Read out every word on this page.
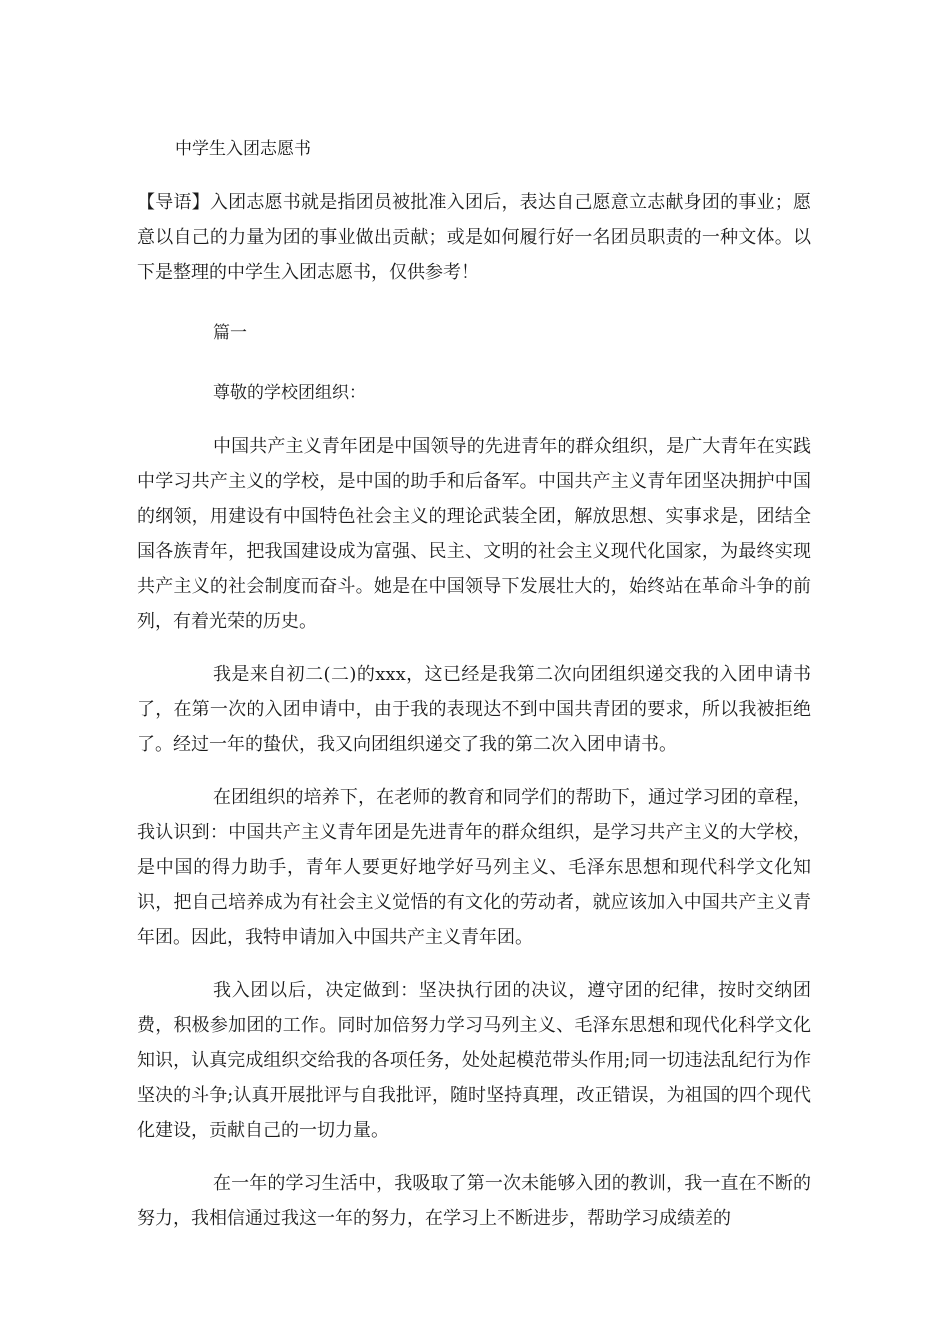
中学生入团志愿书

【导语】入团志愿书就是指团员被批准入团后，表达自己愿意立志献身团的事业；愿意以自己的力量为团的事业做出贡献；或是如何履行好一名团员职责的一种文体。以下是整理的中学生入团志愿书，仅供参考！

篇一

尊敬的学校团组织：

中国共产主义青年团是中国领导的先进青年的群众组织，是广大青年在实践中学习共产主义的学校，是中国的助手和后备军。中国共产主义青年团坚决拥护中国的纲领，用建设有中国特色社会主义的理论武装全团，解放思想、实事求是，团结全国各族青年，把我国建设成为富强、民主、文明的社会主义现代化国家，为最终实现共产主义的社会制度而奋斗。她是在中国领导下发展壮大的，始终站在革命斗争的前列，有着光荣的历史。

我是来自初二(二)的xxx，这已经是我第二次向团组织递交我的入团申请书了，在第一次的入团申请中，由于我的表现达不到中国共青团的要求，所以我被拒绝了。经过一年的蛰伏，我又向团组织递交了我的第二次入团申请书。

在团组织的培养下，在老师的教育和同学们的帮助下，通过学习团的章程，我认识到：中国共产主义青年团是先进青年的群众组织，是学习共产主义的大学校，是中国的得力助手，青年人要更好地学好马列主义、毛泽东思想和现代科学文化知识，把自己培养成为有社会主义觉悟的有文化的劳动者，就应该加入中国共产主义青年团。因此，我特申请加入中国共产主义青年团。

我入团以后，决定做到：坚决执行团的决议，遵守团的纪律，按时交纳团费，积极参加团的工作。同时加倍努力学习马列主义、毛泽东思想和现代化科学文化知识，认真完成组织交给我的各项任务，处处起模范带头作用;同一切违法乱纪行为作坚决的斗争;认真开展批评与自我批评，随时坚持真理，改正错误，为祖国的四个现代化建设，贡献自己的一切力量。

在一年的学习生活中，我吸取了第一次未能够入团的教训，我一直在不断的努力，我相信通过我这一年的努力，在学习上不断进步，帮助学习成绩差的
